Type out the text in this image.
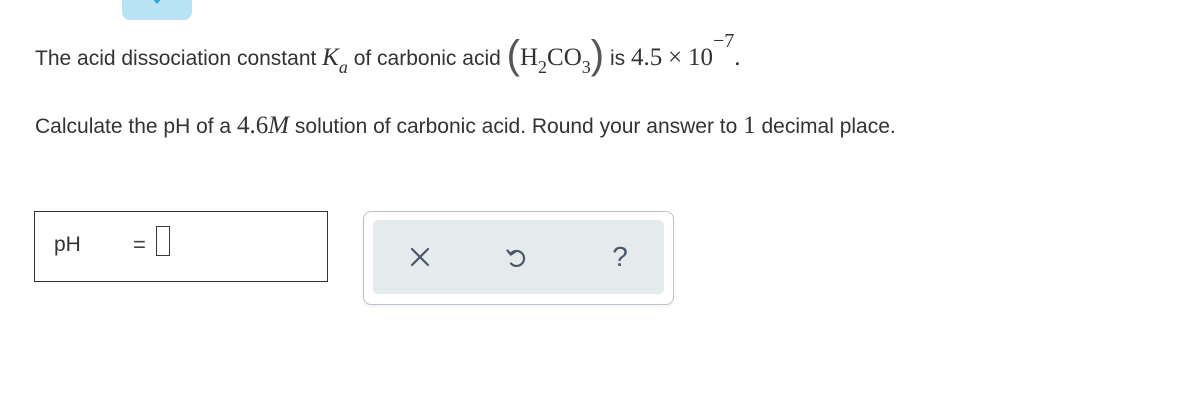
The acid dissociation constant Ka of carbonic acid (H2CO3) is 4.5 × 10−7.
Calculate the pH of a 4.6M solution of carbonic acid. Round your answer to 1 decimal place.
pH =	?
